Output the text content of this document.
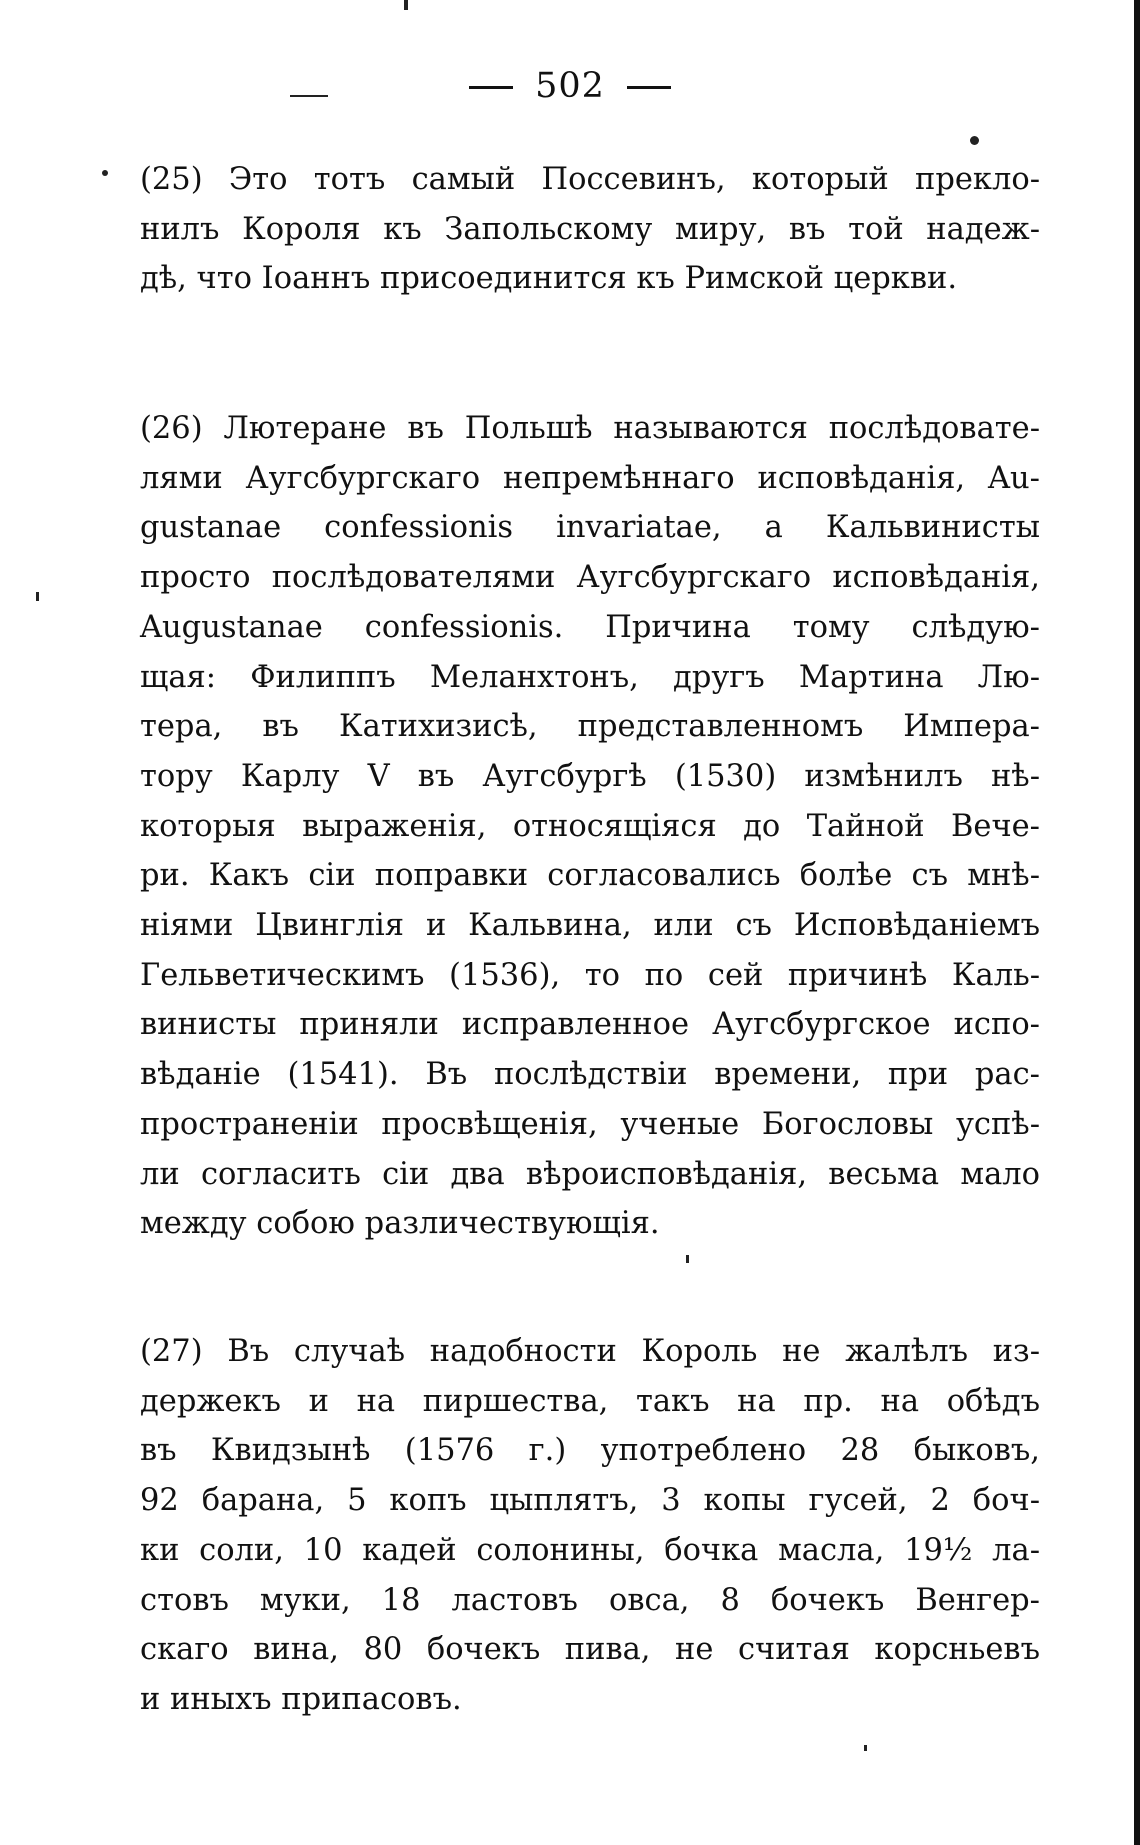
502
(25) Это тотъ самый Поссевинъ, который прекло-
нилъ Короля къ Запольскому миру, въ той надеж-
дѣ, что Іоаннъ присоединится къ Римской церкви.
(26) Лютеране въ Польшѣ называются послѣдовате-
лями Аугсбургскаго непремѣннаго исповѣданія, Au-
gustanae confessionis invariatae, а Кальвинисты
просто послѣдователями Аугсбургскаго исповѣданія,
Augustanae confessionis. Причина тому слѣдую-
щая: Филиппъ Меланхтонъ, другъ Мартина Лю-
тера, въ Катихизисѣ, представленномъ Импера-
тору Карлу V въ Аугсбургѣ (1530) измѣнилъ нѣ-
которыя выраженія, относящіяся до Тайной Вече-
ри. Какъ сіи поправки согласовались болѣе съ мнѣ-
ніями Цвинглія и Кальвина, или съ Исповѣданіемъ
Гельветическимъ (1536), то по сей причинѣ Каль-
винисты приняли исправленное Аугсбургское испо-
вѣданіе (1541). Въ послѣдствіи времени, при рас-
пространеніи просвѣщенія, ученые Богословы успѣ-
ли согласить сіи два вѣроисповѣданія, весьма мало
между собою различествующія.
(27) Въ случаѣ надобности Король не жалѣлъ из-
держекъ и на пиршества, такъ на пр. на обѣдъ
въ Квидзынѣ (1576 г.) употреблено 28 быковъ,
92 барана, 5 копъ цыплятъ, 3 копы гусей, 2 боч-
ки соли, 10 кадей солонины, бочка масла, 19½ ла-
стовъ муки, 18 ластовъ овса, 8 бочекъ Венгер-
скаго вина, 80 бочекъ пива, не считая корсньевъ
и иныхъ припасовъ.
